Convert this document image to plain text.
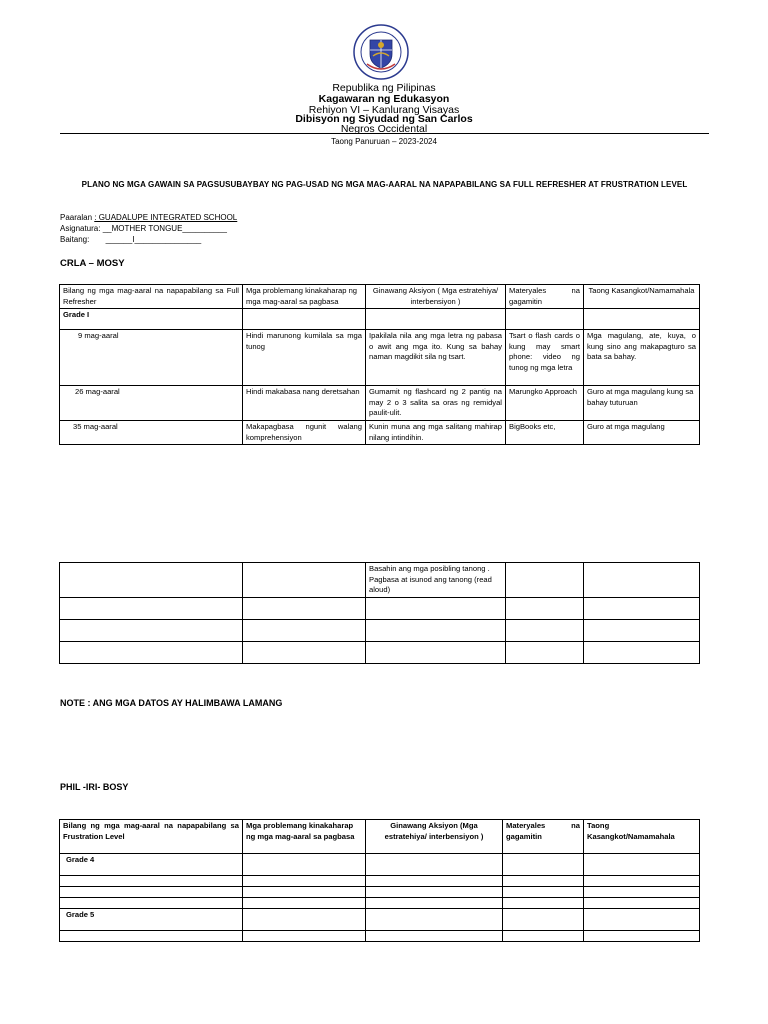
Republika ng Pilipinas
Kagawaran ng Edukasyon
Rehiyon VI – Kanlurang Visayas
Dibisyon ng Siyudad ng San Carlos
Negros Occidental
Taong Panuruan – 2023-2024
PLANO NG MGA GAWAIN SA PAGSUSUBAYBAY NG PAG-USAD NG MGA MAG-AARAL NA NAPAPABILANG SA FULL REFRESHER AT FRUSTRATION LEVEL
Paaralan : GUADALUPE INTEGRATED SCHOOL
Asignatura: __MOTHER TONGUE__________
Baitang: ______I_______________
CRLA – MOSY
Bilang ng mga mag-aaral na napapabilang sa Full Refresher	Mga problemang kinakaharap ng mga mag-aaral sa pagbasa	Ginawang Aksiyon ( Mga estratehiya/ interbensiyon )	Materyales na gagamitin	Taong Kasangkot/Namamahala
Grade I				
9 mag-aaral	Hindi marunong kumilala sa mga tunog	Ipakilala nila ang mga letra ng pabasa o awit ang mga ito. Kung sa bahay naman magdikit sila ng tsart.	Tsart o flash cards o kung may smart phone: video ng tunog ng mga letra	Mga magulang, ate, kuya, o kung sino ang makapagturo sa bata sa bahay.
26 mag-aaral	Hindi makabasa nang deretsahan	Gumamit ng flashcard ng 2 pantig na may 2 o 3 salita sa oras ng remidyal paulit-ulit.	Marungko Approach	Guro at mga magulang kung sa bahay tuturuan
35 mag-aaral	Makapagbasa ngunit walang komprehensiyon	Kunin muna ang mga salitang mahirap nilang intindihin.	BigBooks etc,	Guro at mga magulang
		Basahin ang mga posibling tanong . Pagbasa at isunod ang tanong (read aloud)		

NOTE : ANG MGA DATOS AY HALIMBAWA LAMANG
PHIL -IRI- BOSY
Bilang ng mga mag-aaral na napapabilang sa Frustration Level	Mga problemang kinakaharap ng mga mag-aaral sa pagbasa	Ginawang Aksiyon (Mga estratehiya/ interbensiyon )	Materyales na gagamitin	Taong Kasangkot/Namamahala
Grade 4				

Grade 5				
